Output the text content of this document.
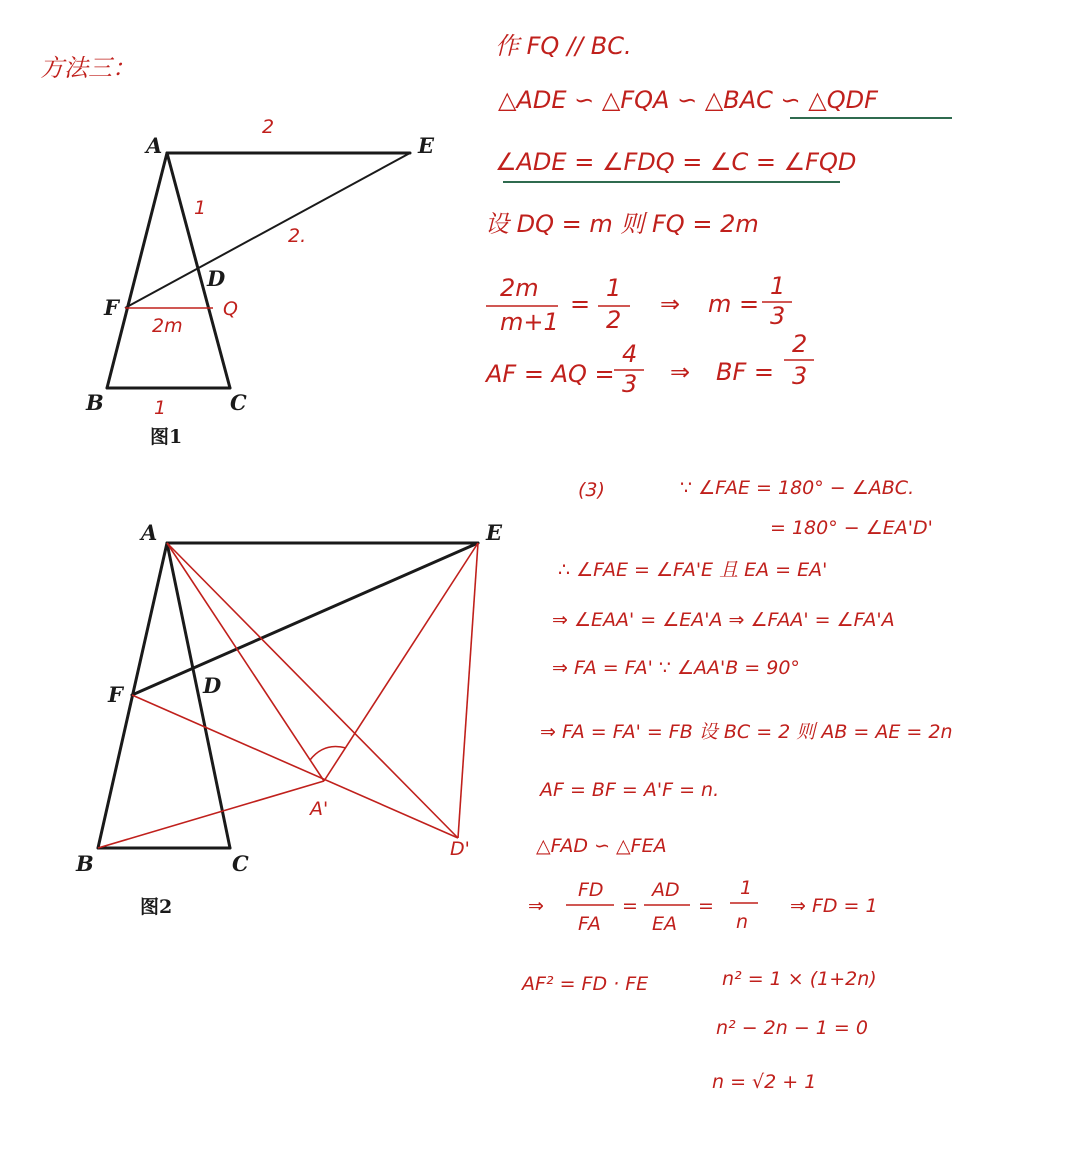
方法三：
A	E
F
D
B	C
Q
2
1
2.
2m
1
图1
A	E
F	D
B	C
A'
D'
图2
作 FQ // BC.
△ADE ∽ △FQA ∽ △BAC ∽ △QDF
∠ADE = ∠FDQ = ∠C = ∠FQD
设 DQ = m 则 FQ = 2m
2m
m+1
=
1
2
⇒ m =
1
3
AF = AQ =
4
3 ⇒ BF =
2
3
(3)	∵ ∠FAE = 180° − ∠ABC.
= 180° − ∠EA'D'
∴ ∠FAE = ∠FA'E 且 EA = EA'
⇒ ∠EAA' = ∠EA'A ⇒ ∠FAA' = ∠FA'A
⇒ FA = FA' ∵ ∠AA'B = 90°
⇒ FA = FA' = FB 设 BC = 2 则 AB = AE = 2n
AF = BF = A'F = n.
△FAD ∽ △FEA
⇒
FD
FA
=
AD
EA
=
1
n
⇒ FD = 1
AF² = FD · FE	n² = 1 × (1+2n)
n² − 2n − 1 = 0
n = √2 + 1
